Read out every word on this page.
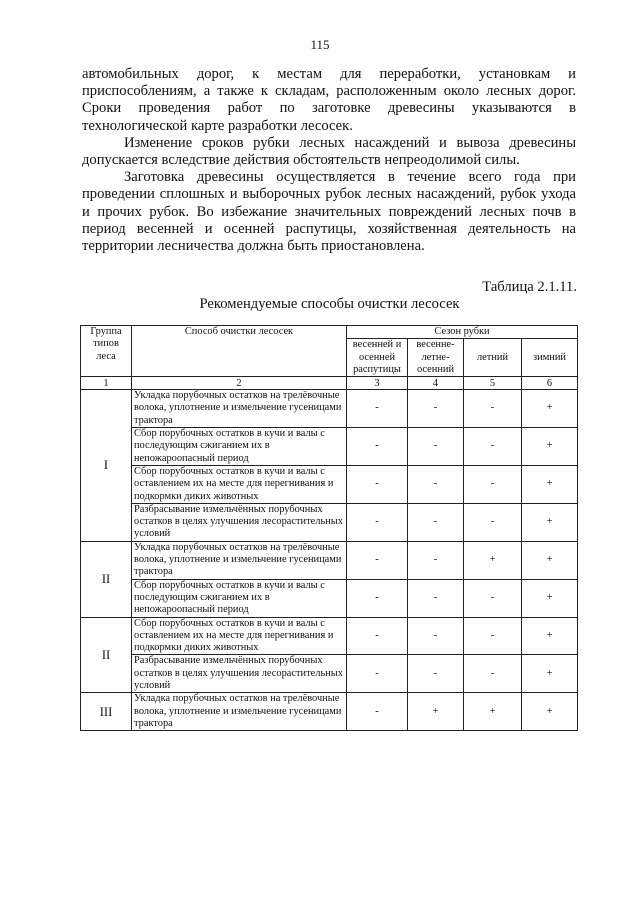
115

автомобильных дорог, к местам для переработки, установкам и приспособлениям, а также к складам, расположенным около лесных дорог. Сроки проведения работ по заготовке древесины указываются в технологической карте разработки лесосек.

Изменение сроков рубки лесных насаждений и вывоза древесины допускается вследствие действия обстоятельств непреодолимой силы.

Заготовка древесины осуществляется в течение всего года при проведении сплошных и выборочных рубок лесных насаждений, рубок ухода и прочих рубок. Во избежание значительных повреждений лесных почв в период весенней и осенней распутицы, хозяйственная деятельность на территории лесничества должна быть приостановлена.

Таблица 2.1.11.
Рекомендуемые способы очистки лесосек
Группа типов леса	Способ очистки лесосек	Сезон рубки			
		весенней и осенней распутицы	весенне-летне-осенний	летний	зимний
1	2	3	4	5	6
I	Укладка порубочных остатков на трелёвочные волока, уплотнение и измельчение гусеницами трактора	-	-	-	+
	Сбор порубочных остатков в кучи и валы с последующим сжиганием их в непожароопасный период	-	-	-	+
	Сбор порубочных остатков в кучи и валы с оставлением их на месте для перегнивания и подкормки диких животных	-	-	-	+
	Разбрасывание измельчённых порубочных остатков в целях улучшения лесорастительных условий	-	-	-	+
II	Укладка порубочных остатков на трелёвочные волока, уплотнение и измельчение гусеницами трактора	-	-	+	+
	Сбор порубочных остатков в кучи и валы с последующим сжиганием их в непожароопасный период	-	-	-	+
II	Сбор порубочных остатков в кучи и валы с оставлением их на месте для перегнивания и подкормки диких животных	-	-	-	+
	Разбрасывание измельчённых порубочных остатков в целях улучшения лесорастительных условий	-	-	-	+
III	Укладка порубочных остатков на трелёвочные волока, уплотнение и измельчение гусеницами трактора	-	+	+	+
